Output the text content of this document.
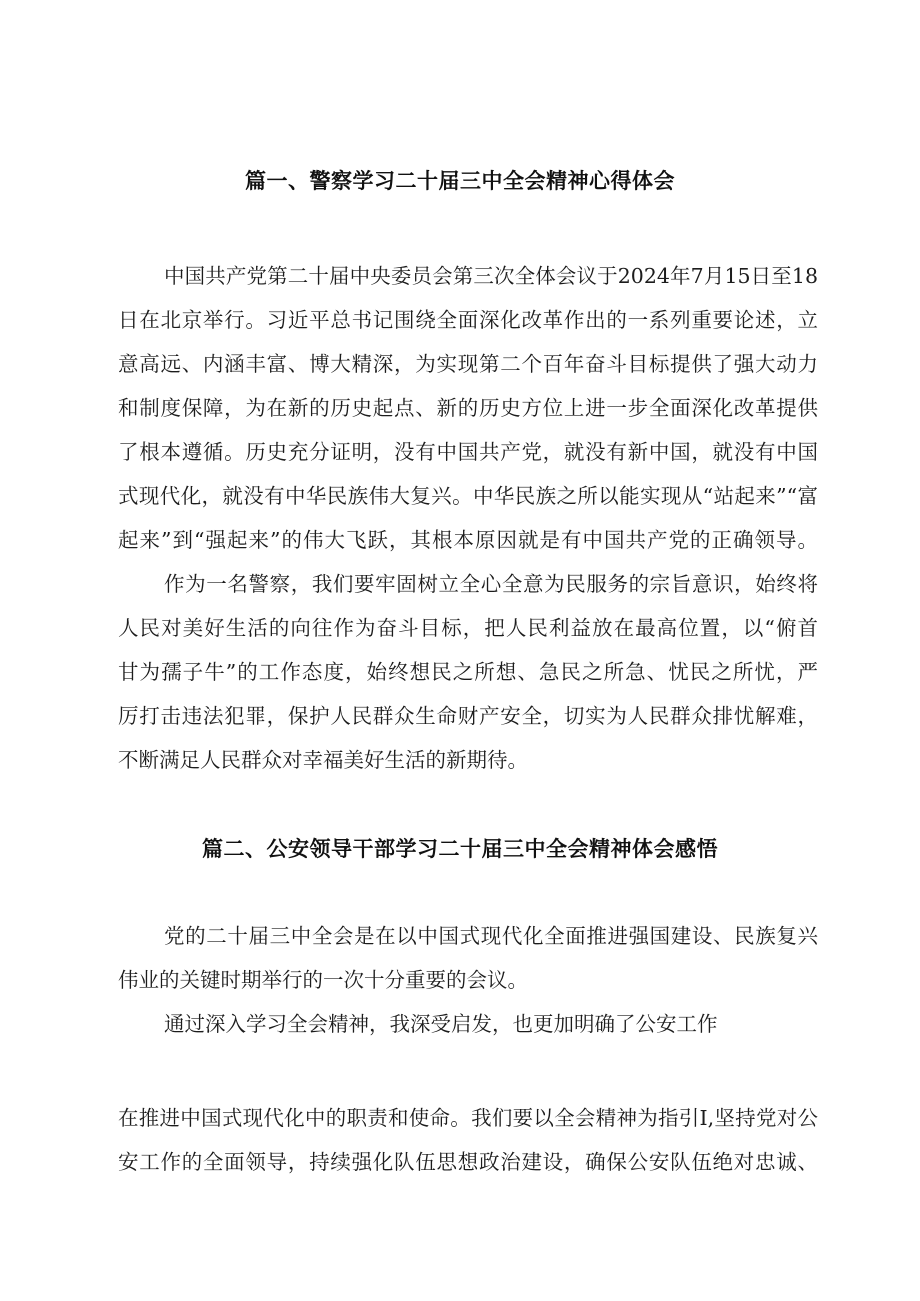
篇一、警察学习二十届三中全会精神心得体会
中国共产党第二十届中央委员会第三次全体会议于2024年7月15日至18
日在北京举行。习近平总书记围绕全面深化改革作出的一系列重要论述，立
意高远、内涵丰富、博大精深，为实现第二个百年奋斗目标提供了强大动力
和制度保障，为在新的历史起点、新的历史方位上进一步全面深化改革提供
了根本遵循。历史充分证明，没有中国共产党，就没有新中国，就没有中国
式现代化，就没有中华民族伟大复兴。中华民族之所以能实现从“站起来”“富
起来”到“强起来”的伟大飞跃，其根本原因就是有中国共产党的正确领导。
作为一名警察，我们要牢固树立全心全意为民服务的宗旨意识，始终将
人民对美好生活的向往作为奋斗目标，把人民利益放在最高位置，以“俯首
甘为孺子牛”的工作态度，始终想民之所想、急民之所急、忧民之所忧，严
厉打击违法犯罪，保护人民群众生命财产安全，切实为人民群众排忧解难，
不断满足人民群众对幸福美好生活的新期待。
篇二、公安领导干部学习二十届三中全会精神体会感悟
党的二十届三中全会是在以中国式现代化全面推进强国建设、民族复兴
伟业的关键时期举行的一次十分重要的会议。
通过深入学习全会精神，我深受启发，也更加明确了公安工作
在推进中国式现代化中的职责和使命。我们要以全会精神为指引I,坚持党对公
安工作的全面领导，持续强化队伍思想政治建设，确保公安队伍绝对忠诚、
